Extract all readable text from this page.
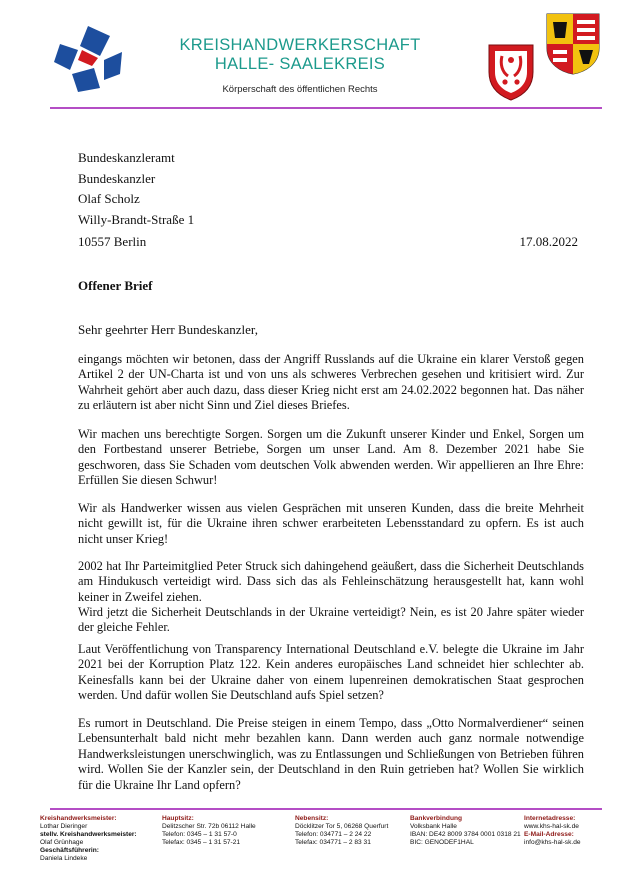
KREISHANDWERKERSCHAFT
HALLE- SAALEKREIS
Körperschaft des öffentlichen Rechts
Bundeskanzleramt
Bundeskanzler
Olaf Scholz
Willy-Brandt-Straße 1
10557 Berlin	17.08.2022
Offener Brief
Sehr geehrter Herr Bundeskanzler,

eingangs möchten wir betonen, dass der Angriff Russlands auf die Ukraine ein klarer Verstoß gegen Artikel 2 der UN-Charta ist und von uns als schweres Verbrechen gesehen und kritisiert wird. Zur Wahrheit gehört aber auch dazu, dass dieser Krieg nicht erst am 24.02.2022 begonnen hat. Das näher zu erläutern ist aber nicht Sinn und Ziel dieses Briefes.

Wir machen uns berechtigte Sorgen. Sorgen um die Zukunft unserer Kinder und Enkel, Sorgen um den Fortbestand unserer Betriebe, Sorgen um unser Land. Am 8. Dezember 2021 habe Sie geschworen, dass Sie Schaden vom deutschen Volk abwenden werden. Wir appellieren an Ihre Ehre: Erfüllen Sie diesen Schwur!

Wir als Handwerker wissen aus vielen Gesprächen mit unseren Kunden, dass die breite Mehrheit nicht gewillt ist, für die Ukraine ihren schwer erarbeiteten Lebensstandard zu opfern. Es ist auch nicht unser Krieg!

2002 hat Ihr Parteimitglied Peter Struck sich dahingehend geäußert, dass die Sicherheit Deutschlands am Hindukusch verteidigt wird. Dass sich das als Fehleinschätzung herausgestellt hat, kann wohl keiner in Zweifel ziehen.

Wird jetzt die Sicherheit Deutschlands in der Ukraine verteidigt? Nein, es ist 20 Jahre später wieder der gleiche Fehler.

Laut Veröffentlichung von Transparency International Deutschland e.V. belegte die Ukraine im Jahr 2021 bei der Korruption Platz 122. Kein anderes europäisches Land schneidet hier schlechter ab. Keinesfalls kann bei der Ukraine daher von einem lupenreinen demokratischen Staat gesprochen werden. Und dafür wollen Sie Deutschland aufs Spiel setzen?

Es rumort in Deutschland. Die Preise steigen in einem Tempo, dass „Otto Normalverdiener“ seinen Lebensunterhalt bald nicht mehr bezahlen kann. Dann werden auch ganz normale notwendige Handwerksleistungen unerschwinglich, was zu Entlassungen und Schließungen von Betrieben führen wird. Wollen Sie der Kanzler sein, der Deutschland in den Ruin getrieben hat? Wollen Sie wirklich für die Ukraine Ihr Land opfern?

Kreishandwerksmeister:
Lothar Dieringer
stellv. Kreishandwerksmeister:
Olaf Grünhage
Geschäftsführerin:
Daniela Lindeke
Hauptsitz:
Delitzscher Str. 72b 06112 Halle
Telefon: 0345 – 1 31 57-0
Telefax: 0345 – 1 31 57-21
Nebensitz:
Döcklitzer Tor 5, 06268 Querfurt
Telefon: 034771 – 2 24 22
Telefax: 034771 – 2 83 31
Bankverbindung
Volksbank Halle
IBAN: DE42 8009 3784 0001 0318 21
BIC: GENODEF1HAL
Internetadresse:
www.khs-hal-sk.de
E-Mail-Adresse:
info@khs-hal-sk.de
